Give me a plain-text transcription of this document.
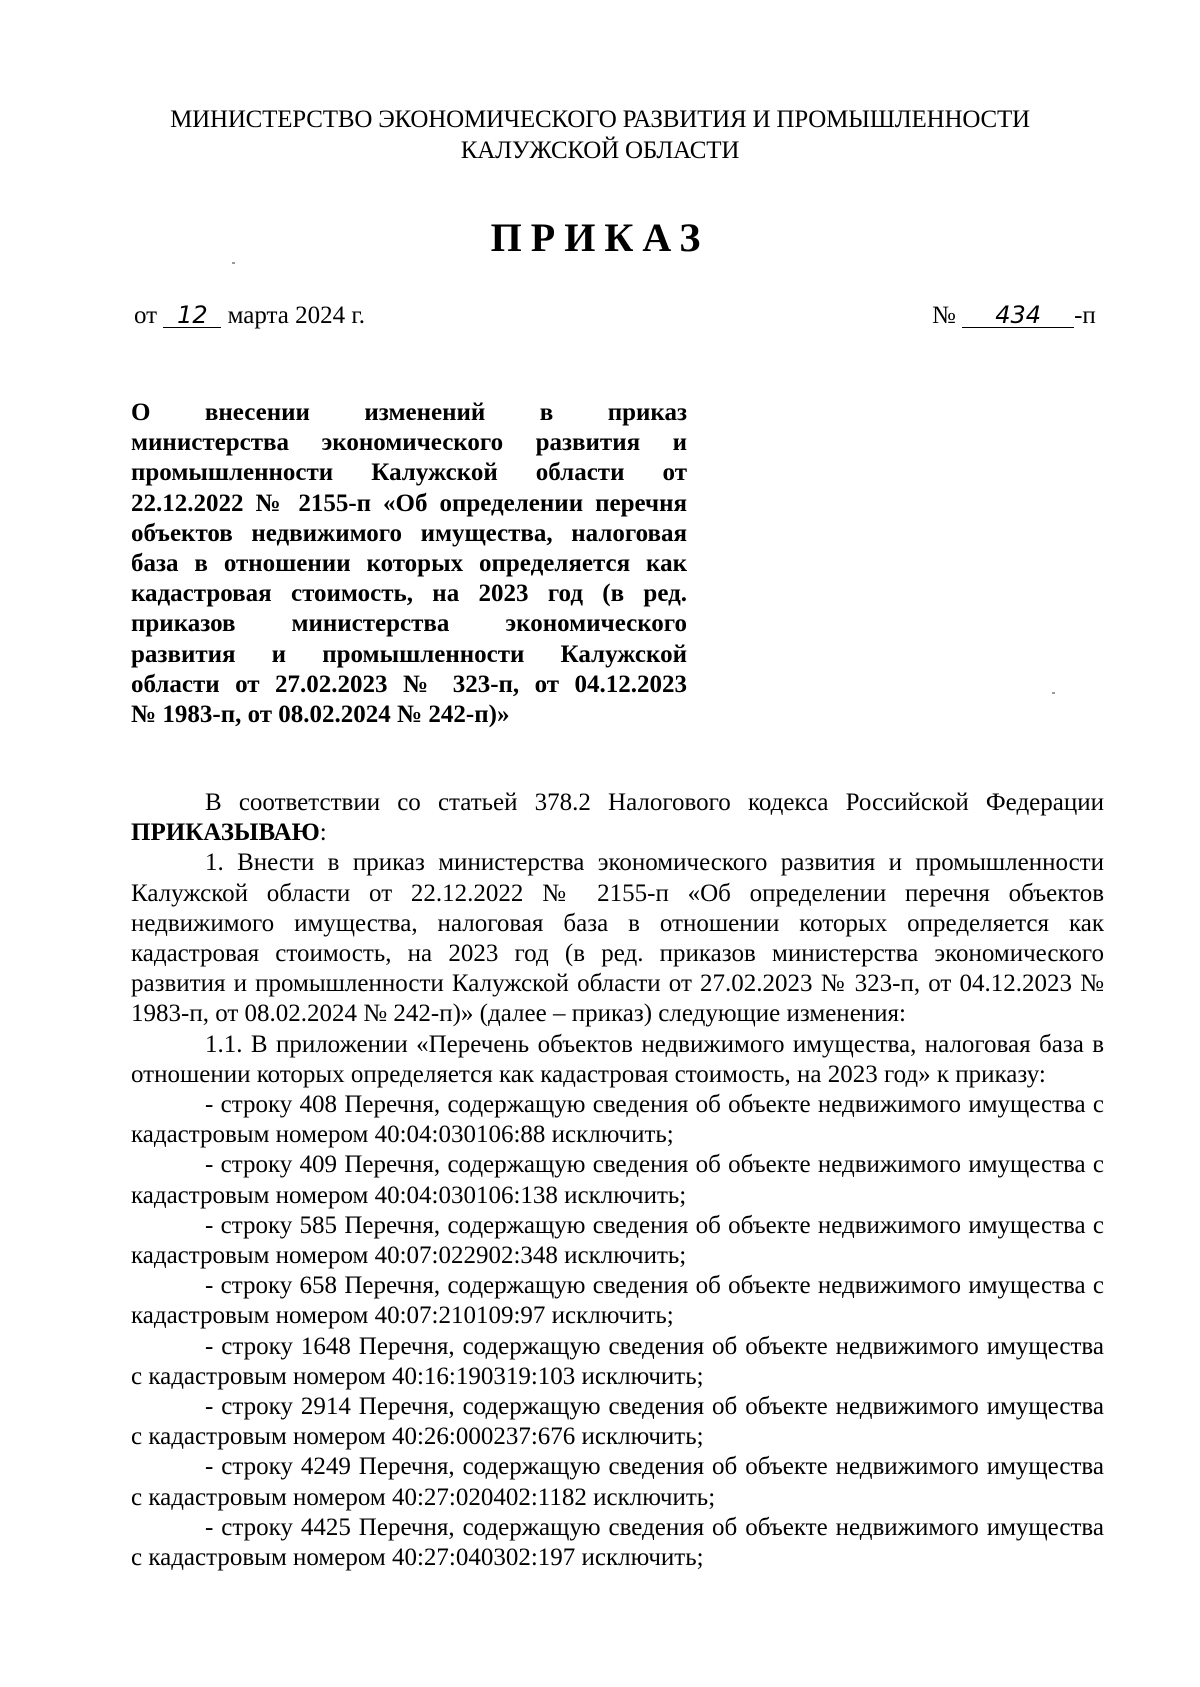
МИНИСТЕРСТВО ЭКОНОМИЧЕСКОГО РАЗВИТИЯ И ПРОМЫШЛЕННОСТИ
КАЛУЖСКОЙ ОБЛАСТИ
ПРИКАЗ
от 12 марта 2024 г.	№ 434 -п
О внесении изменений в приказ
министерства экономического развития и
промышленности Калужской области от
22.12.2022 № 2155-п «Об определении перечня
объектов недвижимого имущества, налоговая
база в отношении которых определяется как
кадастровая стоимость, на 2023 год (в ред.
приказов министерства экономического
развития и промышленности Калужской
области от 27.02.2023 № 323-п, от 04.12.2023
№ 1983-п, от 08.02.2024 № 242-п)»

В соответствии со статьей 378.2 Налогового кодекса Российской Федерации

ПРИКАЗЫВАЮ:

1. Внести в приказ министерства экономического развития и промышленности Калужской области от 22.12.2022 № 2155-п «Об определении перечня объектов недвижимого имущества, налоговая база в отношении которых определяется как кадастровая стоимость, на 2023 год (в ред. приказов министерства экономического развития и промышленности Калужской области от 27.02.2023 № 323-п, от 04.12.2023 № 1983-п, от 08.02.2024 № 242-п)» (далее – приказ) следующие изменения:

1.1. В приложении «Перечень объектов недвижимого имущества, налоговая база в отношении которых определяется как кадастровая стоимость, на 2023 год» к приказу:

- строку 408 Перечня, содержащую сведения об объекте недвижимого имущества с кадастровым номером 40:04:030106:88 исключить;

- строку 409 Перечня, содержащую сведения об объекте недвижимого имущества с кадастровым номером 40:04:030106:138 исключить;

- строку 585 Перечня, содержащую сведения об объекте недвижимого имущества с кадастровым номером 40:07:022902:348 исключить;

- строку 658 Перечня, содержащую сведения об объекте недвижимого имущества с кадастровым номером 40:07:210109:97 исключить;

- строку 1648 Перечня, содержащую сведения об объекте недвижимого имущества с кадастровым номером 40:16:190319:103 исключить;

- строку 2914 Перечня, содержащую сведения об объекте недвижимого имущества с кадастровым номером 40:26:000237:676 исключить;

- строку 4249 Перечня, содержащую сведения об объекте недвижимого имущества с кадастровым номером 40:27:020402:1182 исключить;

- строку 4425 Перечня, содержащую сведения об объекте недвижимого имущества с кадастровым номером 40:27:040302:197 исключить;
